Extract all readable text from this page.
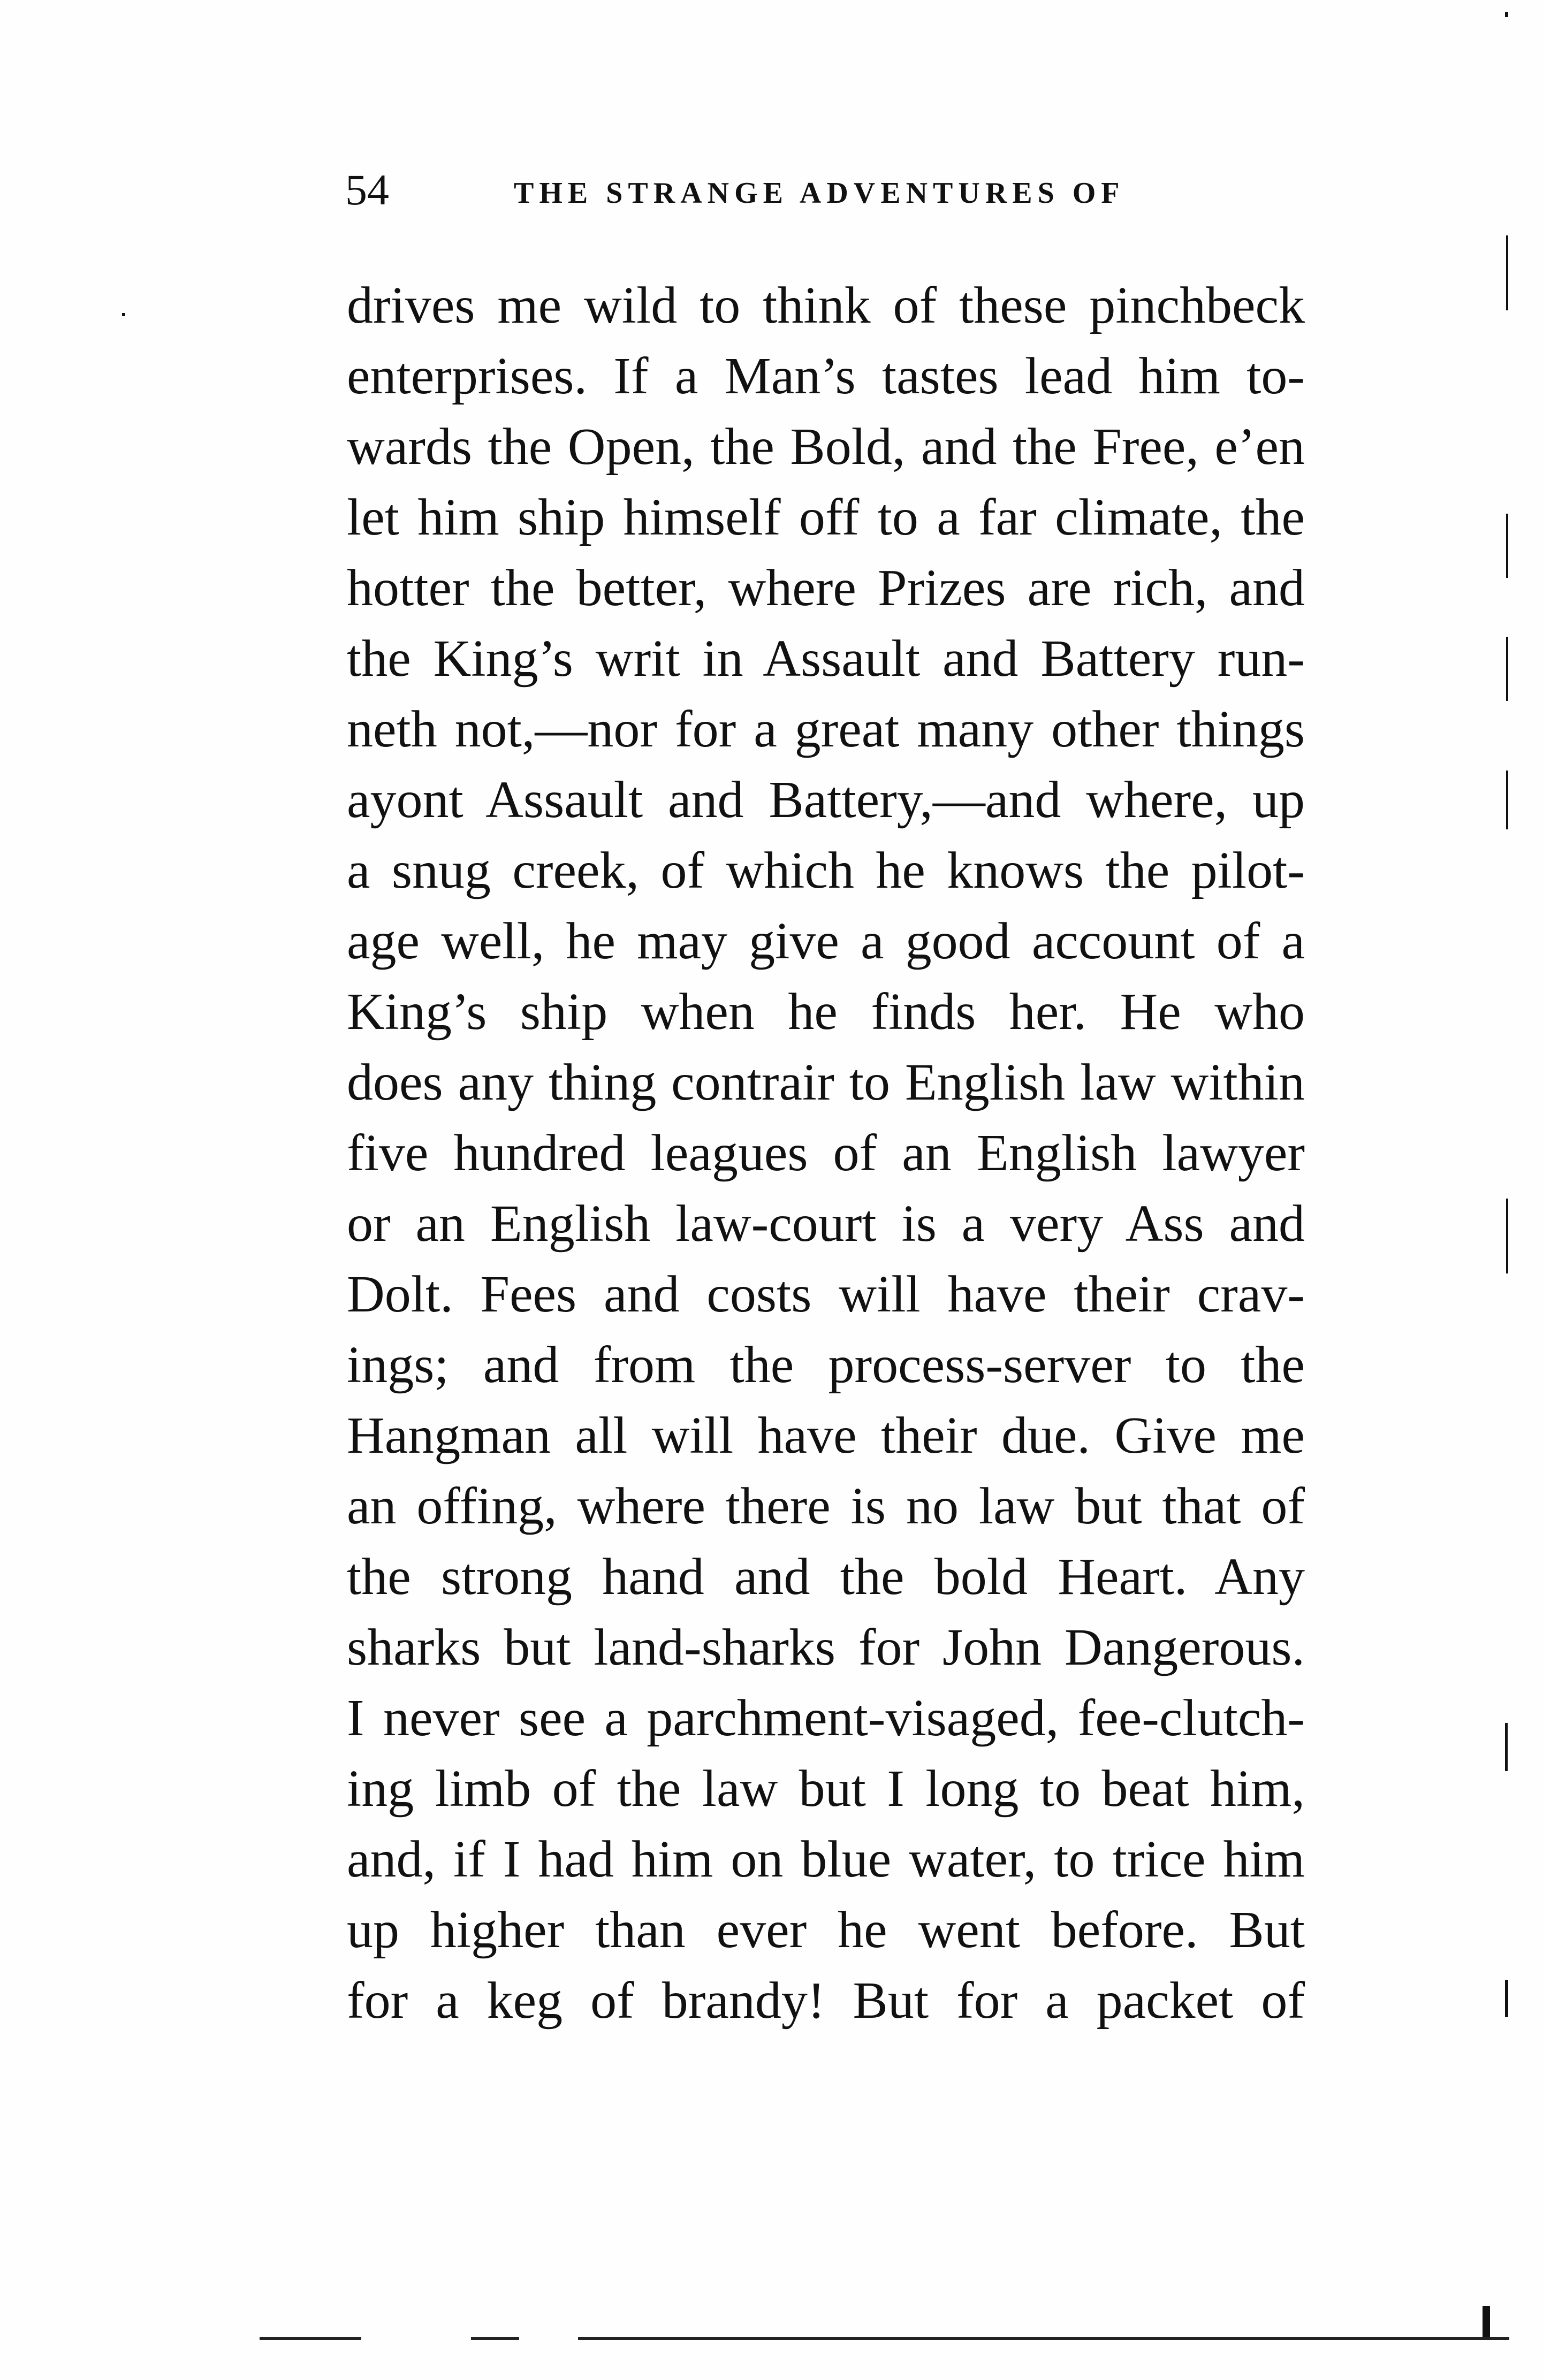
54	THE STRANGE ADVENTURES OF
drives me wild to think of these pinchbeck
enterprises. If a Man’s tastes lead him to-
wards the Open, the Bold, and the Free, e’en
let him ship himself off to a far climate, the
hotter the better, where Prizes are rich, and
the King’s writ in Assault and Battery run-
neth not,—nor for a great many other things
ayont Assault and Battery,—and where, up
a snug creek, of which he knows the pilot-
age well, he may give a good account of a
King’s ship when he finds her. He who
does any thing contrair to English law within
five hundred leagues of an English lawyer
or an English law-court is a very Ass and
Dolt. Fees and costs will have their crav-
ings; and from the process-server to the
Hangman all will have their due. Give me
an offing, where there is no law but that of
the strong hand and the bold Heart. Any
sharks but land-sharks for John Dangerous.
I never see a parchment-visaged, fee-clutch-
ing limb of the law but I long to beat him,
and, if I had him on blue water, to trice him
up higher than ever he went before. But
for a keg of brandy! But for a packet of
